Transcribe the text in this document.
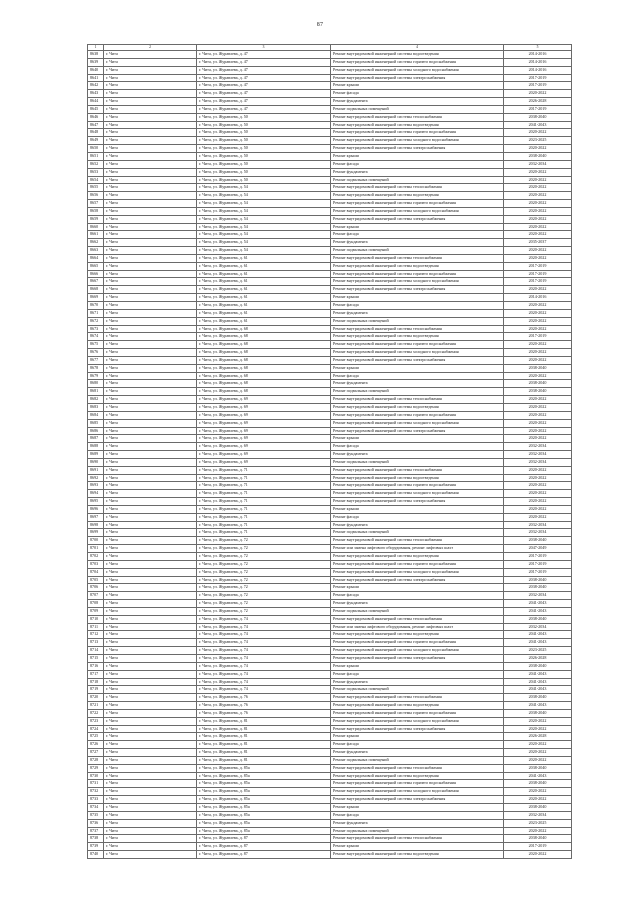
87
1	2	3	4	5
8638	г. Чита	г. Чита, ул. Журавлева, д. 47	Ремонт внутридомовой инженерной системы водоотведения	2014-2016
8639	г. Чита	г. Чита, ул. Журавлева, д. 47	Ремонт внутридомовой инженерной системы горячего водоснабжения	2014-2016
8640	г. Чита	г. Чита, ул. Журавлева, д. 47	Ремонт внутридомовой инженерной системы холодного водоснабжения	2014-2016
8641	г. Чита	г. Чита, ул. Журавлева, д. 47	Ремонт внутридомовой инженерной системы электроснабжения	2017-2019
8642	г. Чита	г. Чита, ул. Журавлева, д. 47	Ремонт крыши	2017-2019
8643	г. Чита	г. Чита, ул. Журавлева, д. 47	Ремонт фасада	2020-2022
8644	г. Чита	г. Чита, ул. Журавлева, д. 47	Ремонт фундамента	2026-2028
8645	г. Чита	г. Чита, ул. Журавлева, д. 47	Ремонт подвальных помещений	2017-2019
8646	г. Чита	г. Чита, ул. Журавлева, д. 50	Ремонт внутридомовой инженерной системы теплоснабжения	2038-2040
8647	г. Чита	г. Чита, ул. Журавлева, д. 50	Ремонт внутридомовой инженерной системы водоотведения	2041-2043
8648	г. Чита	г. Чита, ул. Журавлева, д. 50	Ремонт внутридомовой инженерной системы горячего водоснабжения	2020-2022
8649	г. Чита	г. Чита, ул. Журавлева, д. 50	Ремонт внутридомовой инженерной системы холодного водоснабжения	2023-2025
8650	г. Чита	г. Чита, ул. Журавлева, д. 50	Ремонт внутридомовой инженерной системы электроснабжения	2020-2022
8651	г. Чита	г. Чита, ул. Журавлева, д. 50	Ремонт крыши	2038-2040
8652	г. Чита	г. Чита, ул. Журавлева, д. 50	Ремонт фасада	2032-2034
8653	г. Чита	г. Чита, ул. Журавлева, д. 50	Ремонт фундамента	2020-2022
8654	г. Чита	г. Чита, ул. Журавлева, д. 50	Ремонт подвальных помещений	2020-2022
8655	г. Чита	г. Чита, ул. Журавлева, д. 54	Ремонт внутридомовой инженерной системы теплоснабжения	2020-2022
8656	г. Чита	г. Чита, ул. Журавлева, д. 54	Ремонт внутридомовой инженерной системы водоотведения	2020-2022
8657	г. Чита	г. Чита, ул. Журавлева, д. 54	Ремонт внутридомовой инженерной системы горячего водоснабжения	2020-2022
8658	г. Чита	г. Чита, ул. Журавлева, д. 54	Ремонт внутридомовой инженерной системы холодного водоснабжения	2020-2022
8659	г. Чита	г. Чита, ул. Журавлева, д. 54	Ремонт внутридомовой инженерной системы электроснабжения	2020-2022
8660	г. Чита	г. Чита, ул. Журавлева, д. 54	Ремонт крыши	2020-2022
8661	г. Чита	г. Чита, ул. Журавлева, д. 54	Ремонт фасада	2020-2022
8662	г. Чита	г. Чита, ул. Журавлева, д. 54	Ремонт фундамента	2035-2037
8663	г. Чита	г. Чита, ул. Журавлева, д. 54	Ремонт подвальных помещений	2020-2022
8664	г. Чита	г. Чита, ул. Журавлева, д. 61	Ремонт внутридомовой инженерной системы теплоснабжения	2020-2022
8665	г. Чита	г. Чита, ул. Журавлева, д. 61	Ремонт внутридомовой инженерной системы водоотведения	2017-2019
8666	г. Чита	г. Чита, ул. Журавлева, д. 61	Ремонт внутридомовой инженерной системы горячего водоснабжения	2017-2019
8667	г. Чита	г. Чита, ул. Журавлева, д. 61	Ремонт внутридомовой инженерной системы холодного водоснабжения	2017-2019
8668	г. Чита	г. Чита, ул. Журавлева, д. 61	Ремонт внутридомовой инженерной системы электроснабжения	2020-2022
8669	г. Чита	г. Чита, ул. Журавлева, д. 61	Ремонт крыши	2014-2016
8670	г. Чита	г. Чита, ул. Журавлева, д. 61	Ремонт фасада	2020-2022
8671	г. Чита	г. Чита, ул. Журавлева, д. 61	Ремонт фундамента	2020-2022
8672	г. Чита	г. Чита, ул. Журавлева, д. 61	Ремонт подвальных помещений	2020-2022
8673	г. Чита	г. Чита, ул. Журавлева, д. 68	Ремонт внутридомовой инженерной системы теплоснабжения	2020-2022
8674	г. Чита	г. Чита, ул. Журавлева, д. 68	Ремонт внутридомовой инженерной системы водоотведения	2017-2019
8675	г. Чита	г. Чита, ул. Журавлева, д. 68	Ремонт внутридомовой инженерной системы горячего водоснабжения	2020-2022
8676	г. Чита	г. Чита, ул. Журавлева, д. 68	Ремонт внутридомовой инженерной системы холодного водоснабжения	2020-2022
8677	г. Чита	г. Чита, ул. Журавлева, д. 68	Ремонт внутридомовой инженерной системы электроснабжения	2020-2022
8678	г. Чита	г. Чита, ул. Журавлева, д. 68	Ремонт крыши	2038-2040
8679	г. Чита	г. Чита, ул. Журавлева, д. 68	Ремонт фасада	2020-2022
8680	г. Чита	г. Чита, ул. Журавлева, д. 68	Ремонт фундамента	2038-2040
8681	г. Чита	г. Чита, ул. Журавлева, д. 68	Ремонт подвальных помещений	2038-2040
8682	г. Чита	г. Чита, ул. Журавлева, д. 69	Ремонт внутридомовой инженерной системы теплоснабжения	2020-2022
8683	г. Чита	г. Чита, ул. Журавлева, д. 69	Ремонт внутридомовой инженерной системы водоотведения	2020-2022
8684	г. Чита	г. Чита, ул. Журавлева, д. 69	Ремонт внутридомовой инженерной системы горячего водоснабжения	2020-2022
8685	г. Чита	г. Чита, ул. Журавлева, д. 69	Ремонт внутридомовой инженерной системы холодного водоснабжения	2020-2022
8686	г. Чита	г. Чита, ул. Журавлева, д. 69	Ремонт внутридомовой инженерной системы электроснабжения	2020-2022
8687	г. Чита	г. Чита, ул. Журавлева, д. 69	Ремонт крыши	2020-2022
8688	г. Чита	г. Чита, ул. Журавлева, д. 69	Ремонт фасада	2032-2034
8689	г. Чита	г. Чита, ул. Журавлева, д. 69	Ремонт фундамента	2032-2034
8690	г. Чита	г. Чита, ул. Журавлева, д. 69	Ремонт подвальных помещений	2032-2034
8691	г. Чита	г. Чита, ул. Журавлева, д. 71	Ремонт внутридомовой инженерной системы теплоснабжения	2020-2022
8692	г. Чита	г. Чита, ул. Журавлева, д. 71	Ремонт внутридомовой инженерной системы водоотведения	2020-2022
8693	г. Чита	г. Чита, ул. Журавлева, д. 71	Ремонт внутридомовой инженерной системы горячего водоснабжения	2020-2022
8694	г. Чита	г. Чита, ул. Журавлева, д. 71	Ремонт внутридомовой инженерной системы холодного водоснабжения	2020-2022
8695	г. Чита	г. Чита, ул. Журавлева, д. 71	Ремонт внутридомовой инженерной системы электроснабжения	2020-2022
8696	г. Чита	г. Чита, ул. Журавлева, д. 71	Ремонт крыши	2020-2022
8697	г. Чита	г. Чита, ул. Журавлева, д. 71	Ремонт фасада	2020-2022
8698	г. Чита	г. Чита, ул. Журавлева, д. 71	Ремонт фундамента	2032-2034
8699	г. Чита	г. Чита, ул. Журавлева, д. 71	Ремонт подвальных помещений	2032-2034
8700	г. Чита	г. Чита, ул. Журавлева, д. 72	Ремонт внутридомовой инженерной системы теплоснабжения	2038-2040
8701	г. Чита	г. Чита, ул. Журавлева, д. 72	Ремонт или замена лифтового оборудования, ремонт лифтовых шахт	2047-2049
8702	г. Чита	г. Чита, ул. Журавлева, д. 72	Ремонт внутридомовой инженерной системы водоотведения	2017-2019
8703	г. Чита	г. Чита, ул. Журавлева, д. 72	Ремонт внутридомовой инженерной системы горячего водоснабжения	2017-2019
8704	г. Чита	г. Чита, ул. Журавлева, д. 72	Ремонт внутридомовой инженерной системы холодного водоснабжения	2017-2019
8705	г. Чита	г. Чита, ул. Журавлева, д. 72	Ремонт внутридомовой инженерной системы электроснабжения	2038-2040
8706	г. Чита	г. Чита, ул. Журавлева, д. 72	Ремонт крыши	2038-2040
8707	г. Чита	г. Чита, ул. Журавлева, д. 72	Ремонт фасада	2032-2034
8708	г. Чита	г. Чита, ул. Журавлева, д. 72	Ремонт фундамента	2041-2043
8709	г. Чита	г. Чита, ул. Журавлева, д. 72	Ремонт подвальных помещений	2041-2043
8710	г. Чита	г. Чита, ул. Журавлева, д. 74	Ремонт внутридомовой инженерной системы теплоснабжения	2038-2040
8711	г. Чита	г. Чита, ул. Журавлева, д. 74	Ремонт или замена лифтового оборудования, ремонт лифтовых шахт	2032-2034
8712	г. Чита	г. Чита, ул. Журавлева, д. 74	Ремонт внутридомовой инженерной системы водоотведения	2041-2043
8713	г. Чита	г. Чита, ул. Журавлева, д. 74	Ремонт внутридомовой инженерной системы горячего водоснабжения	2041-2043
8714	г. Чита	г. Чита, ул. Журавлева, д. 74	Ремонт внутридомовой инженерной системы холодного водоснабжения	2023-2025
8715	г. Чита	г. Чита, ул. Журавлева, д. 74	Ремонт внутридомовой инженерной системы электроснабжения	2026-2028
8716	г. Чита	г. Чита, ул. Журавлева, д. 74	Ремонт крыши	2038-2040
8717	г. Чита	г. Чита, ул. Журавлева, д. 74	Ремонт фасада	2041-2043
8718	г. Чита	г. Чита, ул. Журавлева, д. 74	Ремонт фундамента	2041-2043
8719	г. Чита	г. Чита, ул. Журавлева, д. 74	Ремонт подвальных помещений	2041-2043
8720	г. Чита	г. Чита, ул. Журавлева, д. 76	Ремонт внутридомовой инженерной системы теплоснабжения	2038-2040
8721	г. Чита	г. Чита, ул. Журавлева, д. 76	Ремонт внутридомовой инженерной системы водоотведения	2041-2043
8722	г. Чита	г. Чита, ул. Журавлева, д. 76	Ремонт внутридомовой инженерной системы горячего водоснабжения	2038-2040
8723	г. Чита	г. Чита, ул. Журавлева, д. 81	Ремонт внутридомовой инженерной системы холодного водоснабжения	2020-2022
8724	г. Чита	г. Чита, ул. Журавлева, д. 81	Ремонт внутридомовой инженерной системы электроснабжения	2020-2022
8725	г. Чита	г. Чита, ул. Журавлева, д. 81	Ремонт крыши	2026-2028
8726	г. Чита	г. Чита, ул. Журавлева, д. 81	Ремонт фасада	2020-2022
8727	г. Чита	г. Чита, ул. Журавлева, д. 81	Ремонт фундамента	2020-2022
8728	г. Чита	г. Чита, ул. Журавлева, д. 81	Ремонт подвальных помещений	2020-2022
8729	г. Чита	г. Чита, ул. Журавлева, д. 85а	Ремонт внутридомовой инженерной системы теплоснабжения	2038-2040
8730	г. Чита	г. Чита, ул. Журавлева, д. 85а	Ремонт внутридомовой инженерной системы водоотведения	2041-2043
8731	г. Чита	г. Чита, ул. Журавлева, д. 85а	Ремонт внутридомовой инженерной системы горячего водоснабжения	2038-2040
8732	г. Чита	г. Чита, ул. Журавлева, д. 85а	Ремонт внутридомовой инженерной системы холодного водоснабжения	2020-2022
8733	г. Чита	г. Чита, ул. Журавлева, д. 85а	Ремонт внутридомовой инженерной системы электроснабжения	2020-2022
8734	г. Чита	г. Чита, ул. Журавлева, д. 85а	Ремонт крыши	2038-2040
8735	г. Чита	г. Чита, ул. Журавлева, д. 85а	Ремонт фасада	2032-2034
8736	г. Чита	г. Чита, ул. Журавлева, д. 85а	Ремонт фундамента	2023-2025
8737	г. Чита	г. Чита, ул. Журавлева, д. 85а	Ремонт подвальных помещений	2020-2022
8738	г. Чита	г. Чита, ул. Журавлева, д. 87	Ремонт внутридомовой инженерной системы теплоснабжения	2038-2040
8739	г. Чита	г. Чита, ул. Журавлева, д. 87	Ремонт крыши	2017-2019
8740	г. Чита	г. Чита, ул. Журавлева, д. 87	Ремонт внутридомовой инженерной системы водоотведения	2020-2022
